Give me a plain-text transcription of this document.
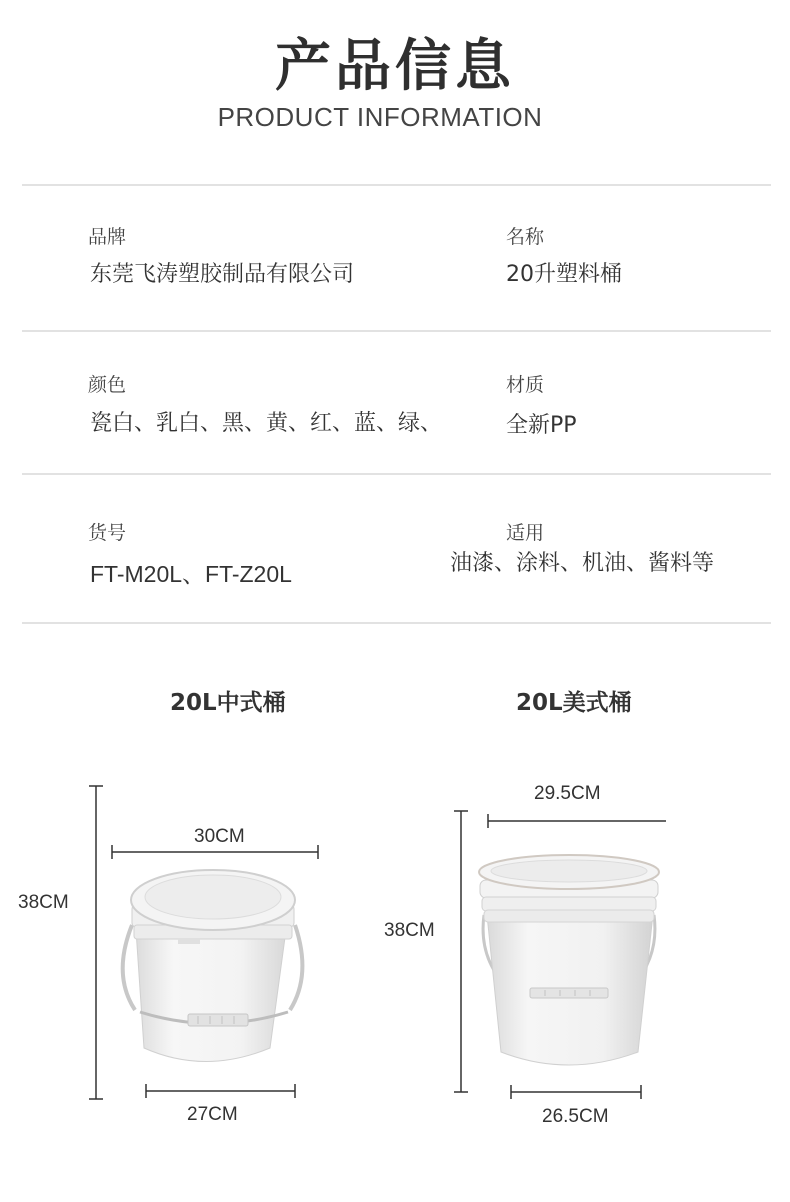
产品信息
PRODUCT INFORMATION
品牌
东莞飞涛塑胶制品有限公司
名称
20升塑料桶
颜色
瓷白、乳白、黑、黄、红、蓝、绿、
材质
全新PP
货号
FT-M20L、FT-Z20L
适用
油漆、涂料、机油、酱料等
20L中式桶	20L美式桶
38CM
30CM
27CM
38CM
29.5CM
26.5CM
